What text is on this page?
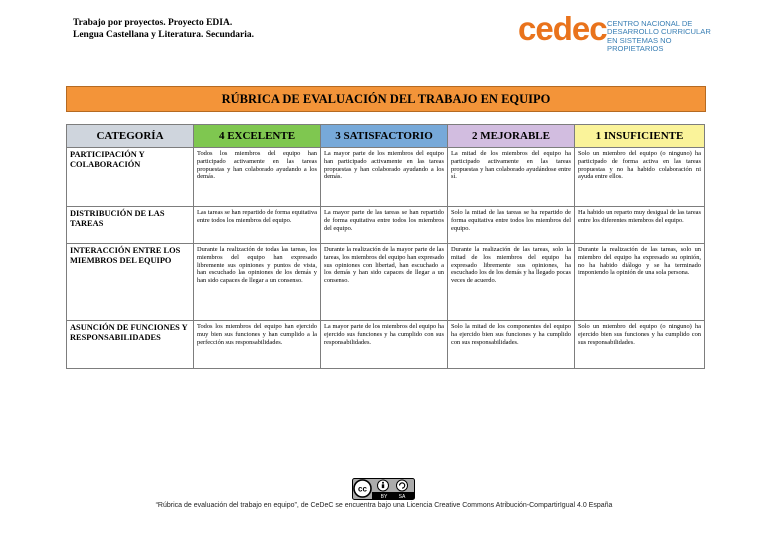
Trabajo por proyectos. Proyecto EDIA.
Lengua Castellana y Literatura. Secundaria.	cedec CENTRO NACIONAL DE
DESARROLLO CURRICULAR
EN SISTEMAS NO PROPIETARIOS
RÚBRICA DE EVALUACIÓN DEL TRABAJO EN EQUIPO
CATEGORÍA	4 EXCELENTE	3 SATISFACTORIO	2 MEJORABLE	1 INSUFICIENTE
PARTICIPACIÓN Y COLABORACIÓN	Todos los miembros del equipo han participado activamente en las tareas propuestas y han colaborado ayudando a los demás.	La mayor parte de los miembros del equipo han participado activamente en las tareas propuestas y han colaborado ayudando a los demás.	La mitad de los miembros del equipo ha participado activamente en las tareas propuestas y han colaborado ayudándose entre sí.	Solo un miembro del equipo (o ninguno) ha participado de forma activa en las tareas propuestas y no ha habido colaboración ni ayuda entre ellos.
DISTRIBUCIÓN DE LAS TAREAS	Las tareas se han repartido de forma equitativa entre todos los miembros del equipo.	La mayor parte de las tareas se han repartido de forma equitativa entre todos los miembros del equipo.	Solo la mitad de las tareas se ha repartido de forma equitativa entre todos los miembros del equipo.	Ha habido un reparto muy desigual de las tareas entre los diferentes miembros del equipo.
INTERACCIÓN ENTRE LOS MIEMBROS DEL EQUIPO	Durante la realización de todas las tareas, los miembros del equipo han expresado libremente sus opiniones y puntos de vista, han escuchado las opiniones de los demás y han sido capaces de llegar a un consenso.	Durante la realización de la mayor parte de las tareas, los miembros del equipo han expresado sus opiniones con libertad, han escuchado a los demás y han sido capaces de llegar a un consenso.	Durante la realización de las tareas, solo la mitad de los miembros del equipo ha expresado libremente sus opiniones, ha escuchado los de los demás y ha llegado pocas veces de acuerdo.	Durante la realización de las tareas, solo un miembro del equipo ha expresado su opinión, no ha habido diálogo y se ha terminado imponiendo la opinión de una sola persona.
ASUNCIÓN DE FUNCIONES Y RESPONSABILIDADES	Todos los miembros del equipo han ejercido muy bien sus funciones y han cumplido a la perfección sus responsabilidades.	La mayor parte de los miembros del equipo ha ejercido sus funciones y ha cumplido con sus responsabilidades.	Solo la mitad de los componentes del equipo ha ejercido bien sus funciones y ha cumplido con sus responsabilidades.	Solo un miembro del equipo (o ninguno) ha ejercido bien sus funciones y ha cumplido con sus responsabilidades.
cc
BY SA
“Rúbrica de evaluación del trabajo en equipo”, de CeDeC se encuentra bajo una Licencia Creative Commons Atribución-CompartirIgual 4.0 España
